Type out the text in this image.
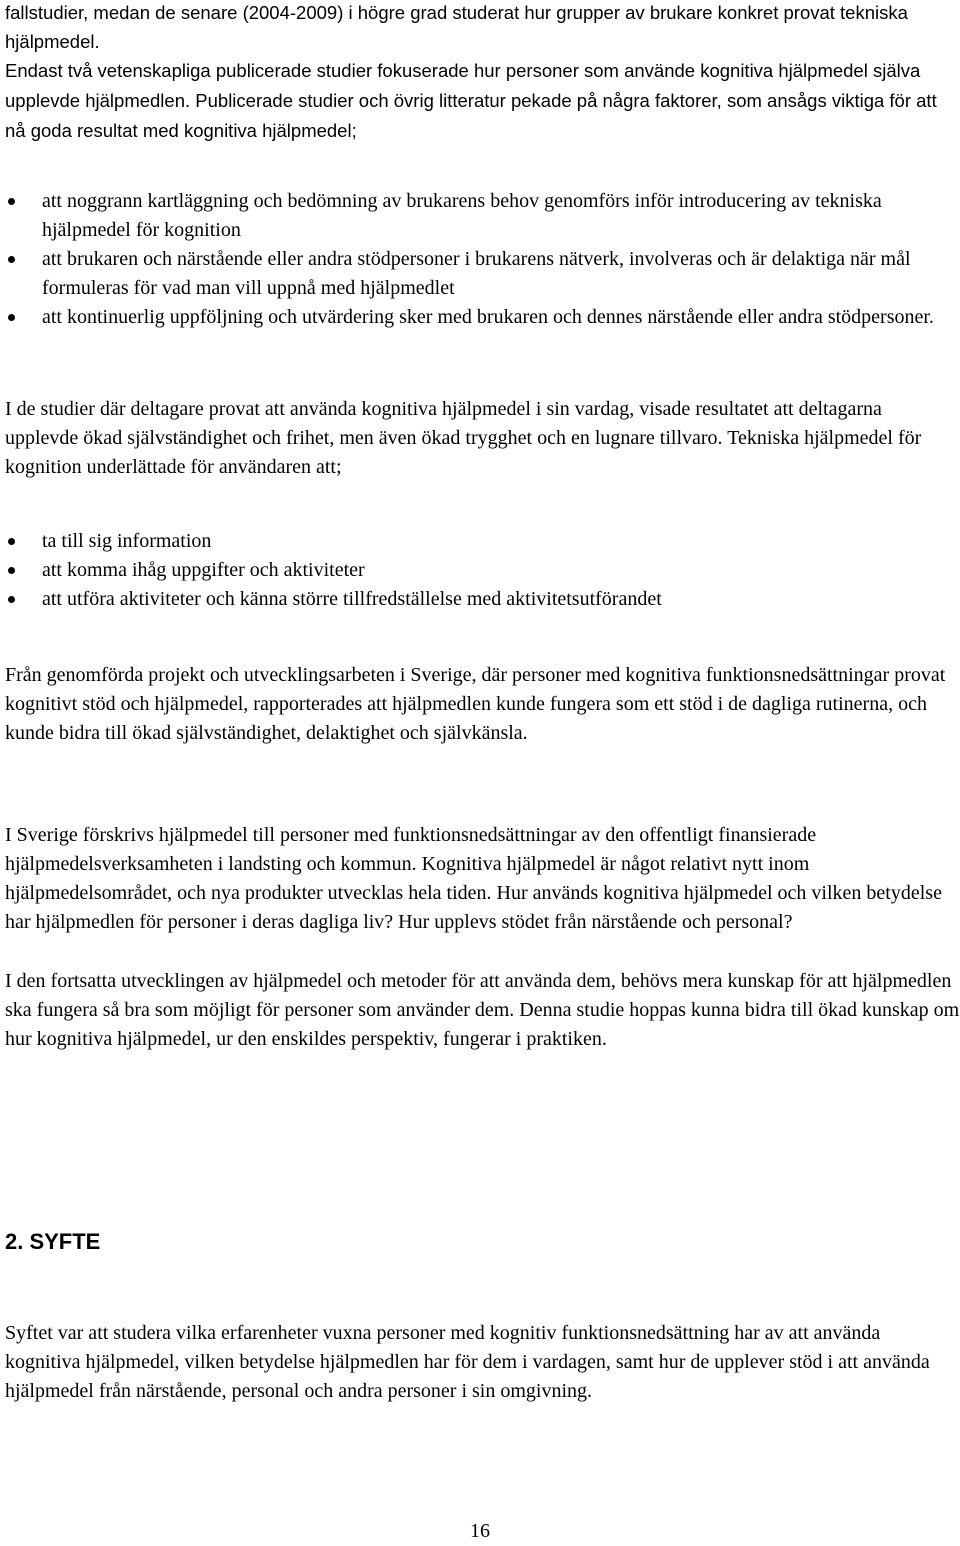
fallstudier, medan de senare (2004-2009) i högre grad studerat hur grupper av brukare konkret provat tekniska hjälpmedel.

Endast två vetenskapliga publicerade studier fokuserade hur personer som använde kognitiva hjälpmedel själva upplevde hjälpmedlen. Publicerade studier och övrig litteratur pekade på några faktorer, som ansågs viktiga för att nå goda resultat med kognitiva hjälpmedel;

att noggrann kartläggning och bedömning av brukarens behov genomförs inför introducering av tekniska hjälpmedel för kognition
att brukaren och närstående eller andra stödpersoner i brukarens nätverk, involveras och är delaktiga när mål formuleras för vad man vill uppnå med hjälpmedlet
att kontinuerlig uppföljning och utvärdering sker med brukaren och dennes närstående eller andra stödpersoner.

I de studier där deltagare provat att använda kognitiva hjälpmedel i sin vardag, visade resultatet att deltagarna upplevde ökad självständighet och frihet, men även ökad trygghet och en lugnare tillvaro. Tekniska hjälpmedel för kognition underlättade för användaren att;

ta till sig information
att komma ihåg uppgifter och aktiviteter
att utföra aktiviteter och känna större tillfredställelse med aktivitetsutförandet

Från genomförda projekt och utvecklingsarbeten i Sverige, där personer med kognitiva funktionsnedsättningar provat kognitivt stöd och hjälpmedel, rapporterades att hjälpmedlen kunde fungera som ett stöd i de dagliga rutinerna, och kunde bidra till ökad självständighet, delaktighet och självkänsla.

I Sverige förskrivs hjälpmedel till personer med funktionsnedsättningar av den offentligt finansierade hjälpmedelsverksamheten i landsting och kommun. Kognitiva hjälpmedel är något relativt nytt inom hjälpmedelsområdet, och nya produkter utvecklas hela tiden. Hur används kognitiva hjälpmedel och vilken betydelse har hjälpmedlen för personer i deras dagliga liv? Hur upplevs stödet från närstående och personal?

I den fortsatta utvecklingen av hjälpmedel och metoder för att använda dem, behövs mera kunskap för att hjälpmedlen ska fungera så bra som möjligt för personer som använder dem. Denna studie hoppas kunna bidra till ökad kunskap om hur kognitiva hjälpmedel, ur den enskildes perspektiv, fungerar i praktiken.

2. SYFTE

Syftet var att studera vilka erfarenheter vuxna personer med kognitiv funktionsnedsättning har av att använda kognitiva hjälpmedel, vilken betydelse hjälpmedlen har för dem i vardagen, samt hur de upplever stöd i att använda hjälpmedel från närstående, personal och andra personer i sin omgivning.

16
